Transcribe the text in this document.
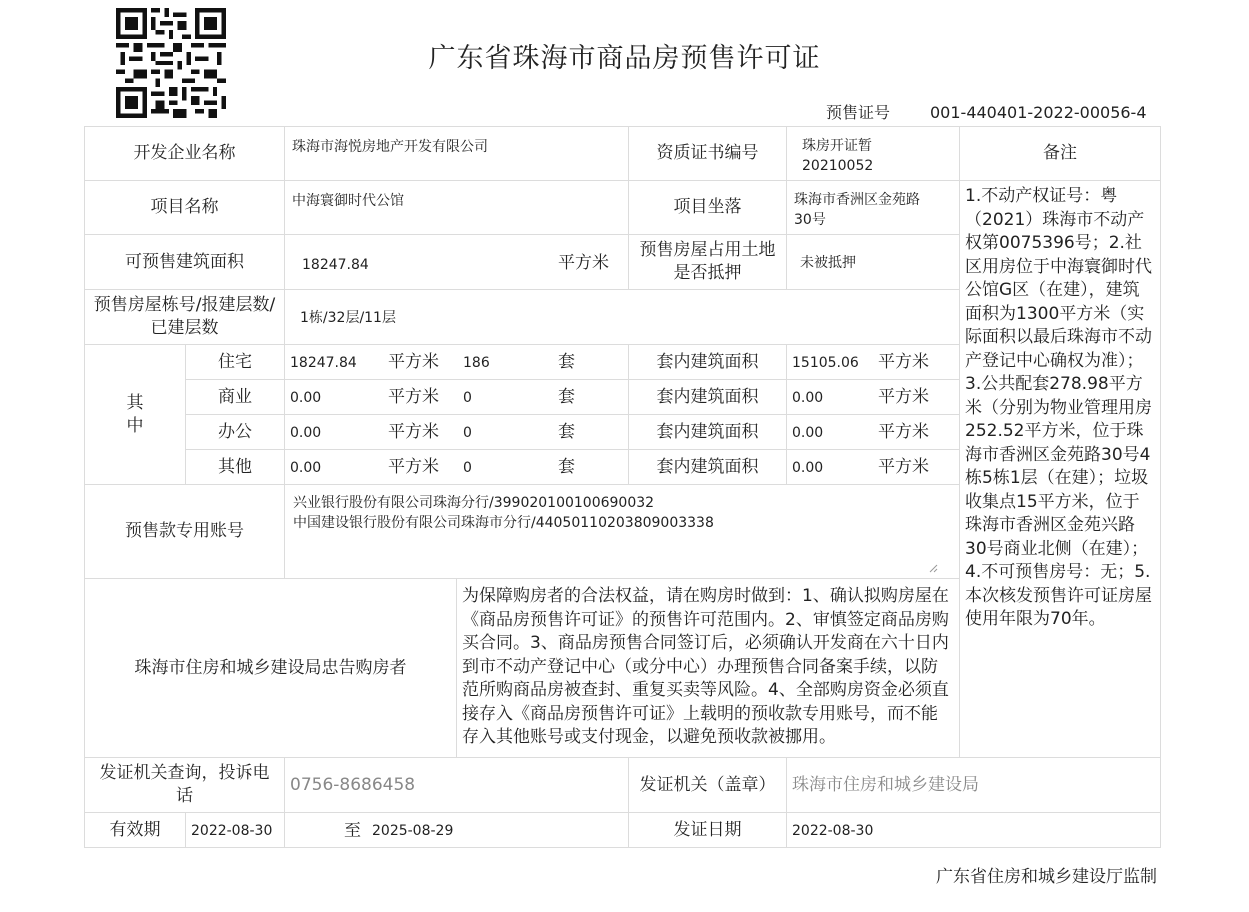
广东省珠海市商品房预售许可证
预售证号 001-440401-2022-00056-4
开发企业名称	珠海市海悦房地产开发有限公司	资质证书编号	珠房开证暂
20210052
备注
1.不动产权证号：粤（2021）珠海市不动产权第0075396号；2.社区用房位于中海寰御时代公馆G区（在建），建筑面积为1300平方米（实际面积以最后珠海市不动产登记中心确权为准）；3.公共配套278.98平方米（分别为物业管理用房252.52平方米，位于珠海市香洲区金苑路30号4栋5栋1层（在建）；垃圾收集点15平方米，位于珠海市香洲区金苑兴路30号商业北侧（在建）；4.不可预售房号：无；5.本次核发预售许可证房屋使用年限为70年。
项目名称	中海寰御时代公馆	项目坐落	珠海市香洲区金苑路
30号
可预售建筑面积	18247.84	平方米
预售房屋占用土地
是否抵押	未被抵押
预售房屋栋号/报建层数/
已建层数	1栋/32层/11层
其
中
住宅	18247.84 平方米 186	套	套内建筑面积	15105.06 平方米
商业	0.00	平方米 0	套	套内建筑面积	0.00	平方米
办公	0.00	平方米 0	套	套内建筑面积	0.00	平方米
其他	0.00	平方米 0	套	套内建筑面积	0.00	平方米
预售款专用账号
兴业银行股份有限公司珠海分行/399020100100690032
中国建设银行股份有限公司珠海市分行/44050110203809003338
珠海市住房和城乡建设局忠告购房者
为保障购房者的合法权益，请在购房时做到：1、确认拟购房屋在《商品房预售许可证》的预售许可范围内。2、审慎签定商品房购买合同。3、商品房预售合同签订后，必须确认开发商在六十日内到市不动产登记中心（或分中心）办理预售合同备案手续，以防范所购商品房被查封、重复买卖等风险。4、全部购房资金必须直接存入《商品房预售许可证》上载明的预收款专用账号，而不能存入其他账号或支付现金，以避免预收款被挪用。
发证机关查询，投诉电
话
0756-8686458	发证机关（盖章） 珠海市住房和城乡建设局
有效期	2022-08-30	至 2025-08-29	发证日期	2022-08-30
广东省住房和城乡建设厅监制
